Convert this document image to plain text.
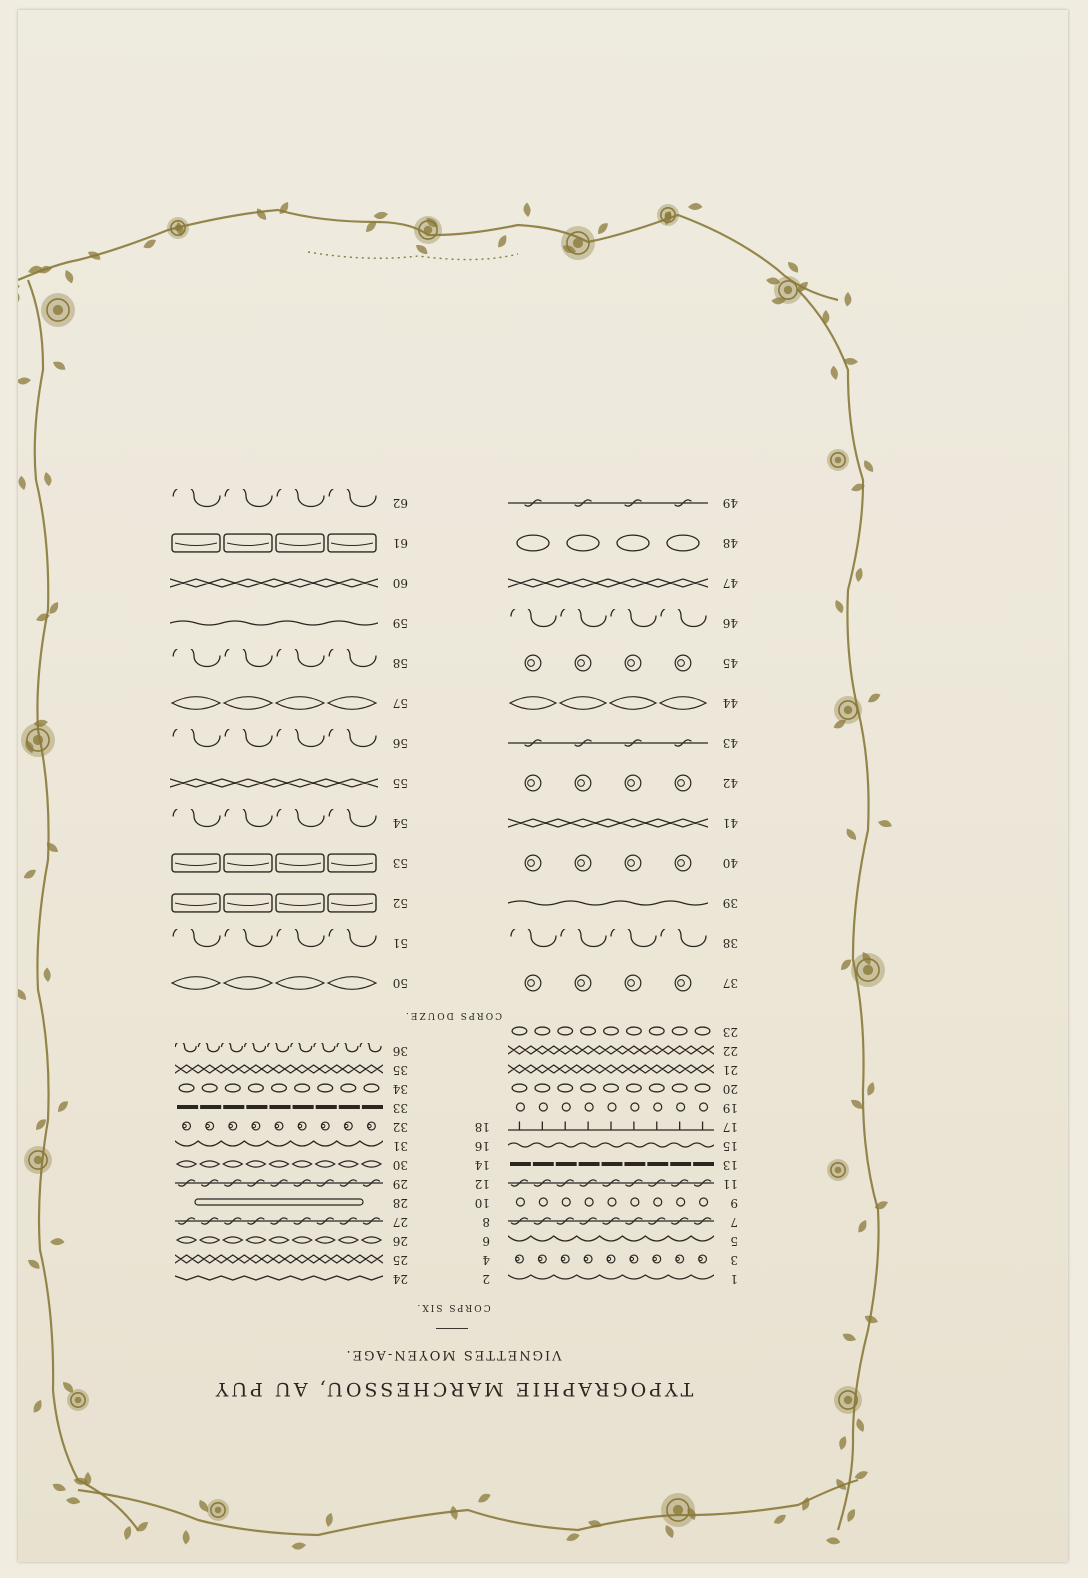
TYPOGRAPHIE MARCHESSOU, AU PUY
VIGNETTES MOYEN-AGE.
CORPS SIX.
1
3
5
7
9
11
13
15
17
19
20
21
22
23
2
4
6
8
10
12
14
16
18
24
25
26
27
28
29
30
31
32
33
34
35
36
CORPS DOUZE.
37
38
39
40
41
42
43
44
45
46
47
48
49
50
51
52
53
54
55
56
57
58
59
60
61
62
